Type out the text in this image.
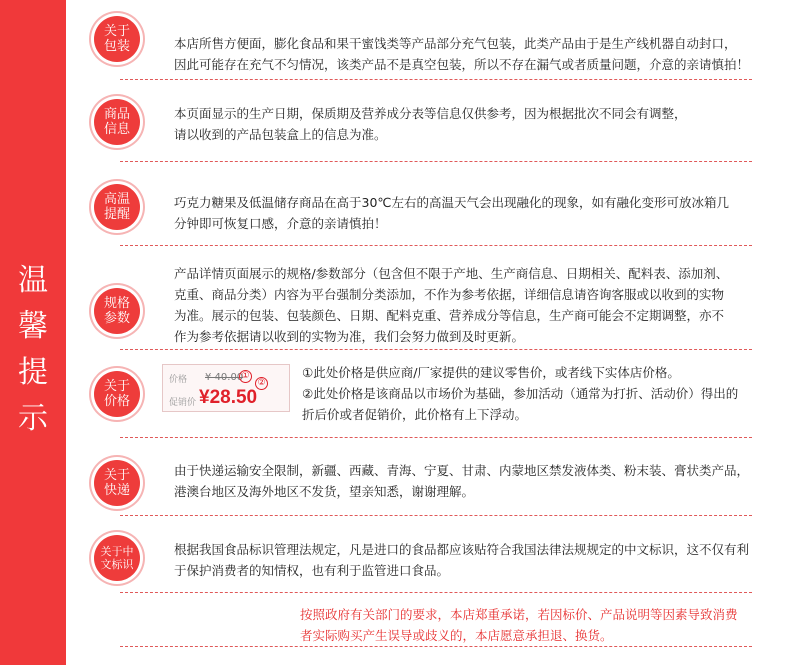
温
馨
提
示
关于
包装	本店所售方便面，膨化食品和果干蜜饯类等产品部分充气包装，此类产品由于是生产线机器自动封口，
因此可能存在充气不匀情况，该类产品不是真空包装，所以不存在漏气或者质量问题，介意的亲请慎拍！
商品
信息
本页面显示的生产日期，保质期及营养成分表等信息仅供参考，因为根据批次不同会有调整，
请以收到的产品包装盒上的信息为准。
高温
提醒
巧克力糖果及低温储存商品在高于30℃左右的高温天气会出现融化的现象，如有融化变形可放冰箱几
分钟即可恢复口感，介意的亲请慎拍！
规格
参数
产品详情页面展示的规格/参数部分（包含但不限于产地、生产商信息、日期相关、配料表、添加剂、
克重、商品分类）内容为平台强制分类添加，不作为参考依据，详细信息请咨询客服或以收到的实物
为准。展示的包装、包装颜色、日期、配料克重、营养成分等信息，生产商可能会不定期调整，亦不
作为参考依据请以收到的实物为准，我们会努力做到及时更新。
关于
价格
价格 ¥ 40.00
①
促销价 ¥28.50
②
①此处价格是供应商/厂家提供的建议零售价，或者线下实体店价格。
②此处价格是该商品以市场价为基础，参加活动（通常为打折、活动价）得出的
折后价或者促销价，此价格有上下浮动。
关于
快递
由于快递运输安全限制，新疆、西藏、青海、宁夏、甘肃、内蒙地区禁发液体类、粉末装、膏状类产品，
港澳台地区及海外地区不发货，望亲知悉，谢谢理解。
关于中
文标识
根据我国食品标识管理法规定，凡是进口的食品都应该贴符合我国法律法规规定的中文标识，这不仅有利
于保护消费者的知情权，也有利于监管进口食品。
按照政府有关部门的要求，本店郑重承诺，若因标价、产品说明等因素导致消费
者实际购买产生误导或歧义的，本店愿意承担退、换货。
